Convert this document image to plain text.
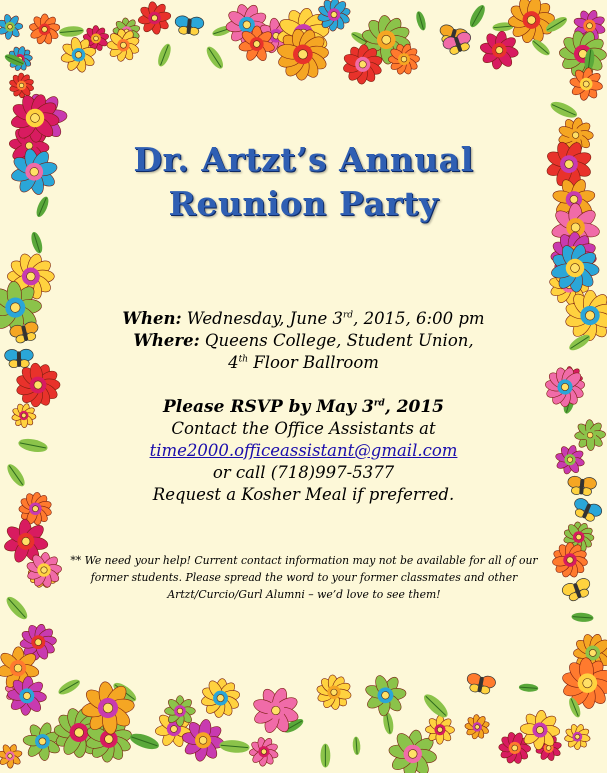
Dr. Artzt’s Annual
Reunion Party
When: Wednesday, June 3rd, 2015, 6:00 pm
Where: Queens College, Student Union,
4th Floor Ballroom
Please RSVP by May 3rd, 2015
Contact the Office Assistants at
time2000.officeassistant@gmail.com
or call (718)997-5377
Request a Kosher Meal if preferred.
** We need your help! Current contact information may not be available for all of our former students. Please spread the word to your former classmates and other Artzt/Curcio/Gurl Alumni – we’d love to see them!
